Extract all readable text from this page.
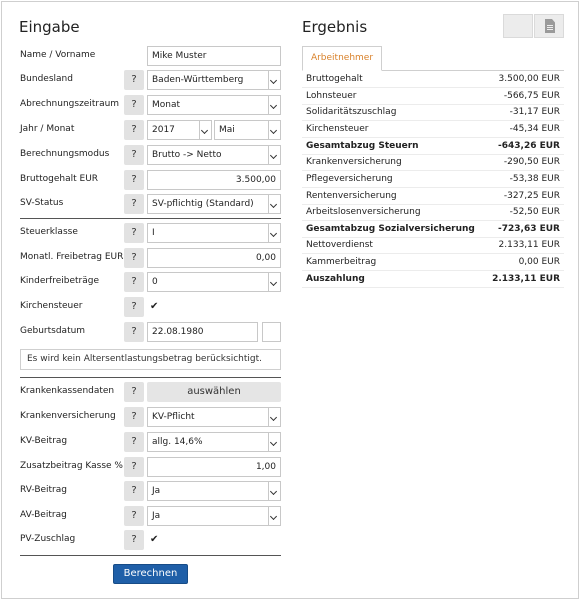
Eingabe	Ergebnis
Name / Vorname	Mike Muster
Bundesland	?	Baden-Württemberg
Abrechnungszeitraum	?	Monat
Jahr / Monat	?	2017	Mai
Berechnungsmodus	?	Brutto -> Netto
Bruttogehalt EUR	?	3.500,00
SV-Status	?	SV-pflichtig (Standard)
Steuerklasse	?	I
Monatl. Freibetrag EUR ?	0,00
Kinderfreibeträge	?	0
Kirchensteuer	?	✔
Geburtsdatum	?	22.08.1980
Es wird kein Altersentlastungsbetrag berücksichtigt.
Krankenkassendaten	?	auswählen
Krankenversicherung	?	KV-Pflicht
KV-Beitrag	?	allg. 14,6%
Zusatzbeitrag Kasse % ?	1,00
RV-Beitrag	?	Ja
AV-Beitrag	?	Ja
PV-Zuschlag	?	✔
Berechnen
Arbeitnehmer
Bruttogehalt	3.500,00 EUR
Lohnsteuer	-566,75 EUR
Solidaritätszuschlag	-31,17 EUR
Kirchensteuer	-45,34 EUR
Gesamtabzug Steuern	-643,26 EUR
Krankenversicherung	-290,50 EUR
Pflegeversicherung	-53,38 EUR
Rentenversicherung	-327,25 EUR
Arbeitslosenversicherung	-52,50 EUR
Gesamtabzug Sozialversicherung	-723,63 EUR
Nettoverdienst	2.133,11 EUR
Kammerbeitrag	0,00 EUR
Auszahlung	2.133,11 EUR
